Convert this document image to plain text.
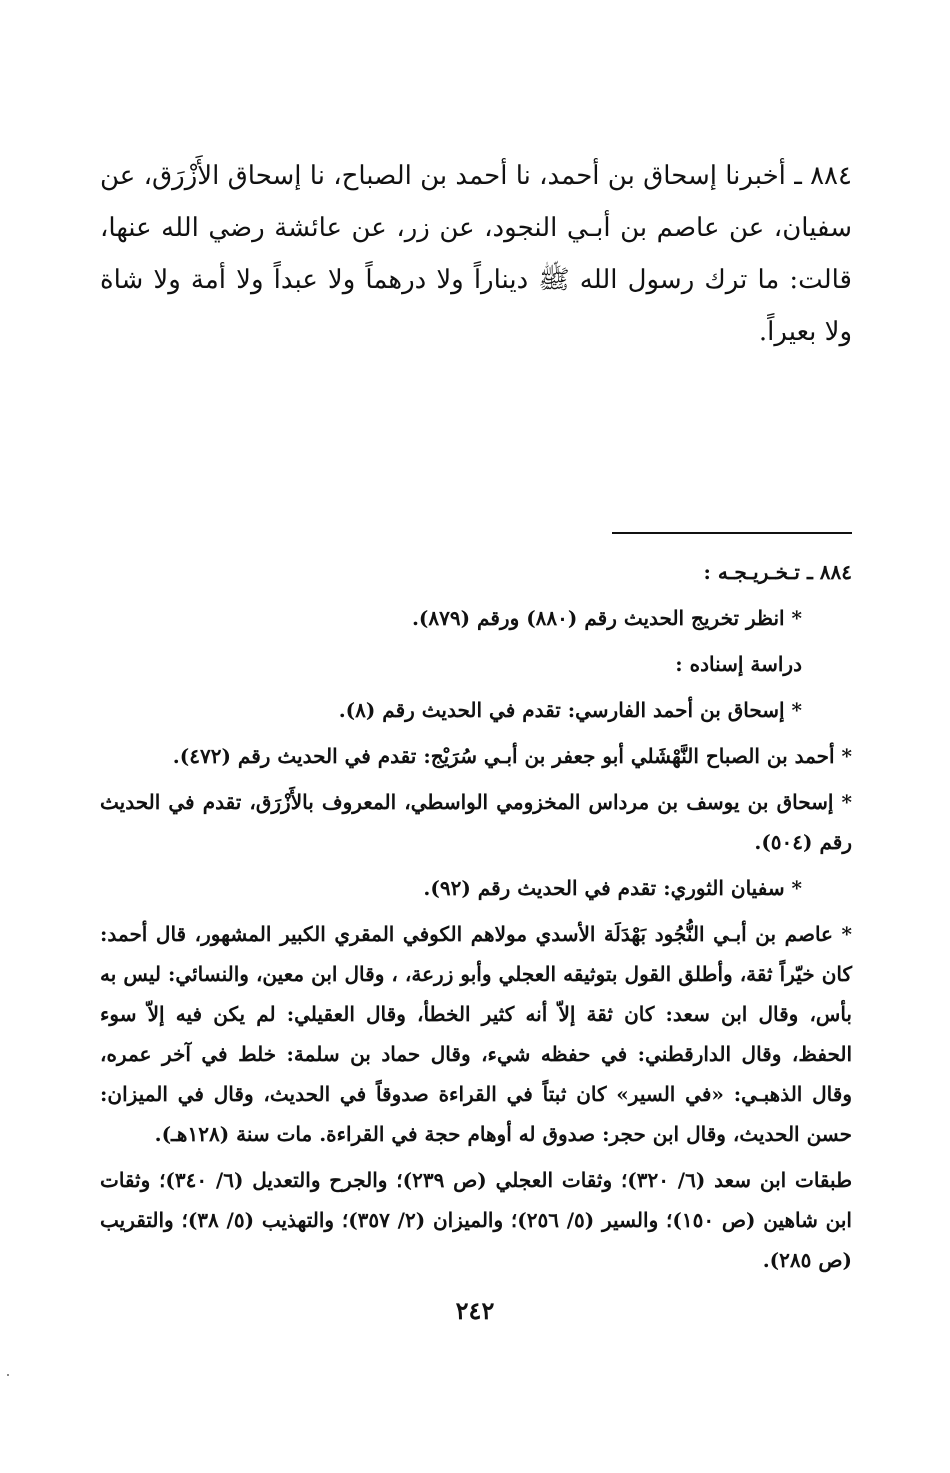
٨٨٤ ـ أخبرنا إسحاق بن أحمد، نا أحمد بن الصباح، نا إسحاق الأَزْرَق، عن سفيان، عن عاصم بن أبـي النجود، عن زر، عن عائشة رضي الله عنها، قالت: ما ترك رسول الله ﷺ ديناراً ولا درهماً ولا عبداً ولا أمة ولا شاة ولا بعيراً.

٨٨٤ ـ تـخـريـجـه :

* انظر تخريج الحديث رقم (٨٨٠) ورقم (٨٧٩).

دراسة إسناده :

* إسحاق بن أحمد الفارسي: تقدم في الحديث رقم (٨).

* أحمد بن الصباح النَّهْشَلي أبو جعفر بن أبـي سُرَيْج: تقدم في الحديث رقم (٤٧٢).

* إسحاق بن يوسف بن مرداس المخزومي الواسطي، المعروف بالأَزْرَق، تقدم في الحديث رقم (٥٠٤).

* سفيان الثوري: تقدم في الحديث رقم (٩٢).

* عاصم بن أبـي النُّجُود بَهْدَلَة الأسدي مولاهم الكوفي المقري الكبير المشهور، قال أحمد: كان خيّراً ثقة، وأطلق القول بتوثيقه العجلي وأبو زرعة، ، وقال ابن معين، والنسائي: ليس به بأس، وقال ابن سعد: كان ثقة إلاّ أنه كثير الخطأ، وقال العقيلي: لم يكن فيه إلاّ سوء الحفظ، وقال الدارقطني: في حفظه شيء، وقال حماد بن سلمة: خلط في آخر عمره، وقال الذهبـي: «في السير» كان ثبتاً في القراءة صدوقاً في الحديث، وقال في الميزان: حسن الحديث، وقال ابن حجر: صدوق له أوهام حجة في القراءة. مات سنة (١٢٨هـ).

طبقات ابن سعد (٦/ ٣٢٠)؛ وثقات العجلي (ص ٢٣٩)؛ والجرح والتعديل (٦/ ٣٤٠)؛ وثقات ابن شاهين (ص ١٥٠)؛ والسير (٥/ ٢٥٦)؛ والميزان (٢/ ٣٥٧)؛ والتهذيب (٥/ ٣٨)؛ والتقريب (ص ٢٨٥).

٢٤٢
